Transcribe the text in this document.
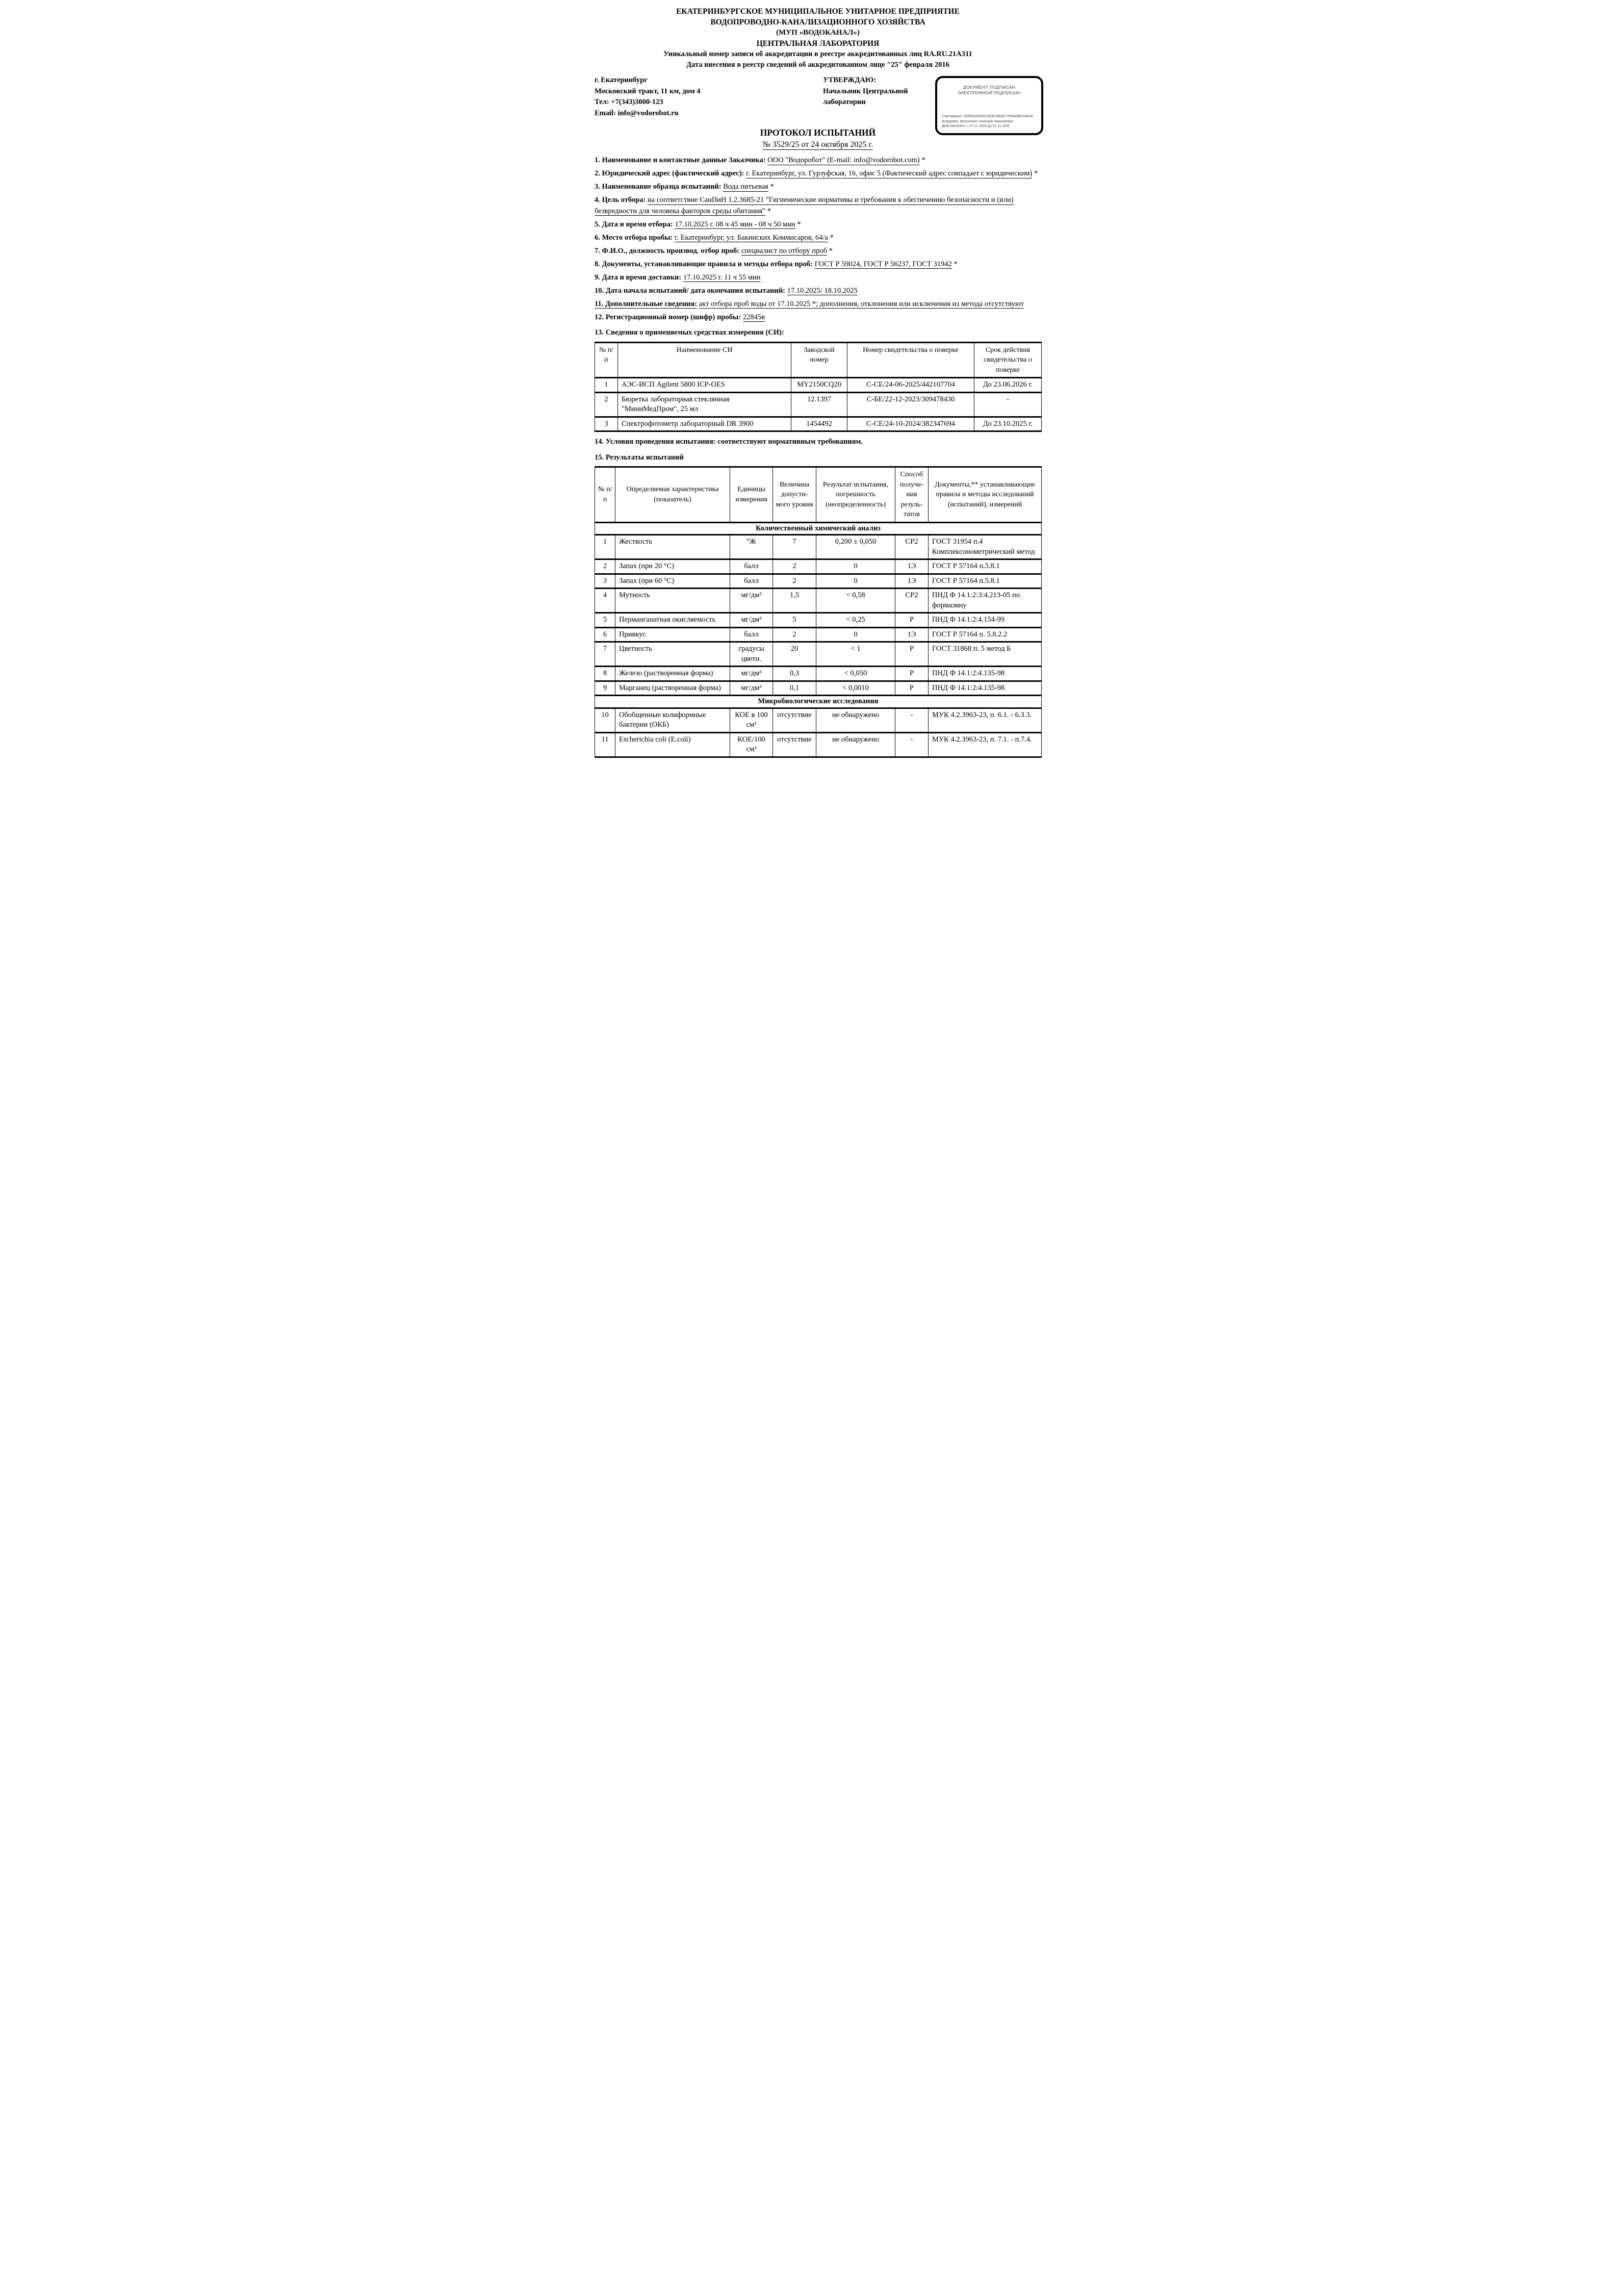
ЕКАТЕРИНБУРГСКОЕ МУНИЦИПАЛЬНОЕ УНИТАРНОЕ ПРЕДПРИЯТИЕ
ВОДОПРОВОДНО-КАНАЛИЗАЦИОННОГО ХОЗЯЙСТВА
(МУП «ВОДОКАНАЛ»)
ЦЕНТРАЛЬНАЯ ЛАБОРАТОРИЯ
Уникальный номер записи об аккредитации в реестре аккредитованных лиц RA.RU.21АЗ11
Дата внесения в реестр сведений об аккредитованном лице "25" февраля 2016
г. Екатеринбург
Московский тракт, 11 км, дом 4
Тел: +7(343)3000-123
Email: info@vodorobot.ru
УТВЕРЖДАЮ:
Начальник Центральной лаборатории
ДОКУМЕНТ ПОДПИСАН
ЭЛЕКТРОННОЙ ПОДПИСЬЮ
Сертификат: 05999AA00021B2B298497755444BC54D40
Владелец: Белоножко Николай Николаевич
Действителен: с 07.11.2024 до 07.11.2025
ПРОТОКОЛ ИСПЫТАНИЙ
№ 3529/25 от 24 октября 2025 г.

1. Наименование и контактные данные Заказчика: ООО "Водоробот" (E-mail: info@vodorobot.com) *

2. Юридический адрес (фактический адрес): г. Екатеринбург, ул. Гурзуфская, 16, офис 5 (Фактический адрес совпадает с юридическим) *

3. Наименование образца испытаний: Вода питьевая *

4. Цель отбора: на соответствие СанПиН 1.2.3685-21 "Гигиенические нормативы и требования к обеспечению безопасности и (или) безвредности для человека факторов среды обитания" *

5. Дата и время отбора: 17.10.2025 г. 08 ч 45 мин - 08 ч 50 мин *

6. Место отбора пробы: г. Екатеринбург, ул. Бакинских Коммисаров, 64/а *

7. Ф.И.О., должность производ. отбор проб: специалист по отбору проб *

8. Документы, устанавливающие правила и методы отбора проб: ГОСТ Р 59024, ГОСТ Р 56237, ГОСТ 31942 *

9. Дата и время доставки: 17.10.2025 г. 11 ч 55 мин

10. Дата начала испытаний/ дата окончания испытаний: 17.10.2025/ 18.10.2025

11. Дополнительные сведения: акт отбора проб воды от 17.10.2025 *; дополнения, отклонения или исключения из метода отсутствуют

12. Регистрационный номер (шифр) пробы: 22845в

13. Сведения о применяемых средствах измерения (СИ):

№ п/п	Наименование СИ	Заводской номер	Номер свидетельства о поверке	Срок действия свидетельства о поверке
1	АЭС-ИСП Agilent 5800 ICP-OES	MY2150CQ20	С-СЕ/24-06-2025/442107704	До 23.06.2026 г.
2	Бюретка лабораторная стеклянная "МиниМедПром", 25 мл	12.1397	С-БЕ/22-12-2023/309478430	-
3	Спектрофотометр лабораторный DR 3900	1454492	С-СЕ/24-10-2024/382347694	До 23.10.2025 г.

14. Условия проведения испытания: соответствуют нормативным требованиям.

15. Результаты испытаний

№ п/п	Определяемая характеристика (показатель)	Единицы измерения	Величина допустимого уровня	Результат испытания, погрешность (неопределенность)	Способ получения результатов	Документы,** устанавливающие правила и методы исследований (испытаний), измерений
Количественный химический анализ						
1	Жесткость	°Ж	7	0,200 ± 0,050	СР2	ГОСТ 31954 п.4 Комплексонометрический метод
2	Запах (при 20 °С)	балл	2	0	1Э	ГОСТ Р 57164 п.5.8.1
3	Запах (при 60 °С)	балл	2	0	1Э	ГОСТ Р 57164 п.5.8.1
4	Мутность	мг/дм³	1,5	< 0,58	СР2	ПНД Ф 14.1:2:3:4.213-05 по формазину
5	Перманганатная окисляемость	мг/дм³	5	< 0,25	Р	ПНД Ф 14.1:2:4.154-99
6	Привкус	балл	2	0	1Э	ГОСТ Р 57164 п. 5.8.2.2
7	Цветность	градусы цветн.	20	< 1	Р	ГОСТ 31868 п. 5 метод Б
8	Железо (растворенная форма)	мг/дм³	0,3	< 0,050	Р	ПНД Ф 14.1:2:4.135-98
9	Марганец (растворенная форма)	мг/дм³	0,1	< 0,0010	Р	ПНД Ф 14.1:2:4.135-98
Микробиологические исследования						
10	Обобщенные колиформные бактерии (ОКБ)	КОЕ в 100 см³	отсутствие	не обнаружено	-	МУК 4.2.3963-23, п. 6.1. - 6.3.3.
11	Escherichia coli (E.coli)	КОЕ/100 см³	отсутствие	не обнаружено	-	МУК 4.2.3963-23, п. 7.1. - п.7.4.
